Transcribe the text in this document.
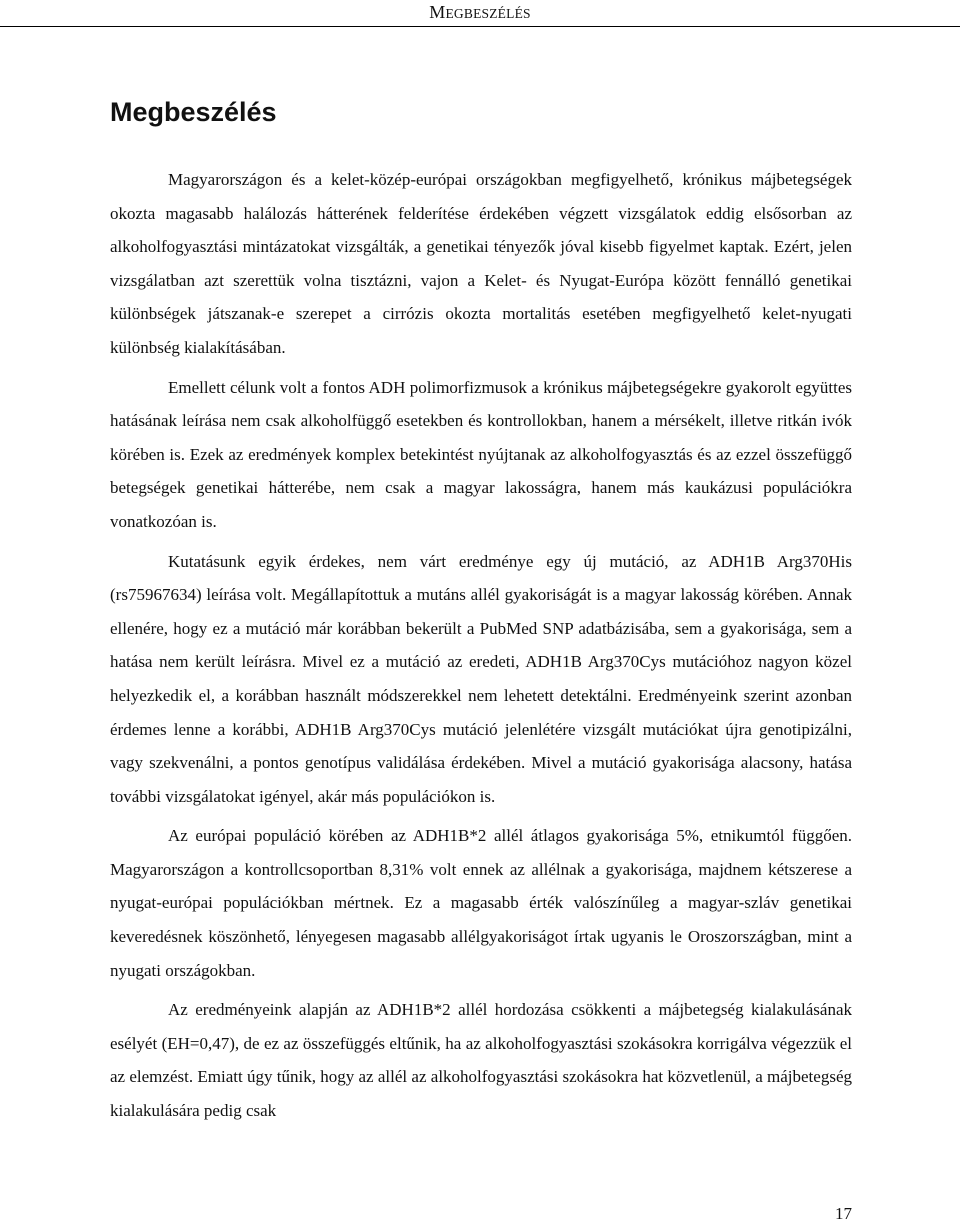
MEGBESZÉLÉS
Megbeszélés

Magyarországon és a kelet-közép-európai országokban megfigyelhető, krónikus májbetegségek okozta magasabb halálozás hátterének felderítése érdekében végzett vizsgálatok eddig elsősorban az alkoholfogyasztási mintázatokat vizsgálták, a genetikai tényezők jóval kisebb figyelmet kaptak. Ezért, jelen vizsgálatban azt szerettük volna tisztázni, vajon a Kelet- és Nyugat-Európa között fennálló genetikai különbségek játszanak-e szerepet a cirrózis okozta mortalitás esetében megfigyelhető kelet-nyugati különbség kialakításában.

Emellett célunk volt a fontos ADH polimorfizmusok a krónikus májbetegségekre gyakorolt együttes hatásának leírása nem csak alkoholfüggő esetekben és kontrollokban, hanem a mérsékelt, illetve ritkán ivók körében is. Ezek az eredmények komplex betekintést nyújtanak az alkoholfogyasztás és az ezzel összefüggő betegségek genetikai hátterébe, nem csak a magyar lakosságra, hanem más kaukázusi populációkra vonatkozóan is.

Kutatásunk egyik érdekes, nem várt eredménye egy új mutáció, az ADH1B Arg370His (rs75967634) leírása volt. Megállapítottuk a mutáns allél gyakoriságát is a magyar lakosság körében. Annak ellenére, hogy ez a mutáció már korábban bekerült a PubMed SNP adatbázisába, sem a gyakorisága, sem a hatása nem került leírásra. Mivel ez a mutáció az eredeti, ADH1B Arg370Cys mutációhoz nagyon közel helyezkedik el, a korábban használt módszerekkel nem lehetett detektálni. Eredményeink szerint azonban érdemes lenne a korábbi, ADH1B Arg370Cys mutáció jelenlétére vizsgált mutációkat újra genotipizálni, vagy szekvenálni, a pontos genotípus validálása érdekében. Mivel a mutáció gyakorisága alacsony, hatása további vizsgálatokat igényel, akár más populációkon is.

Az európai populáció körében az ADH1B*2 allél átlagos gyakorisága 5%, etnikumtól függően. Magyarországon a kontrollcsoportban 8,31% volt ennek az allélnak a gyakorisága, majdnem kétszerese a nyugat-európai populációkban mértnek. Ez a magasabb érték valószínűleg a magyar-szláv genetikai keveredésnek köszönhető, lényegesen magasabb allélgyakoriságot írtak ugyanis le Oroszországban, mint a nyugati országokban.

Az eredményeink alapján az ADH1B*2 allél hordozása csökkenti a májbetegség kialakulásának esélyét (EH=0,47), de ez az összefüggés eltűnik, ha az alkoholfogyasztási szokásokra korrigálva végezzük el az elemzést. Emiatt úgy tűnik, hogy az allél az alkoholfogyasztási szokásokra hat közvetlenül, a májbetegség kialakulására pedig csak

17
